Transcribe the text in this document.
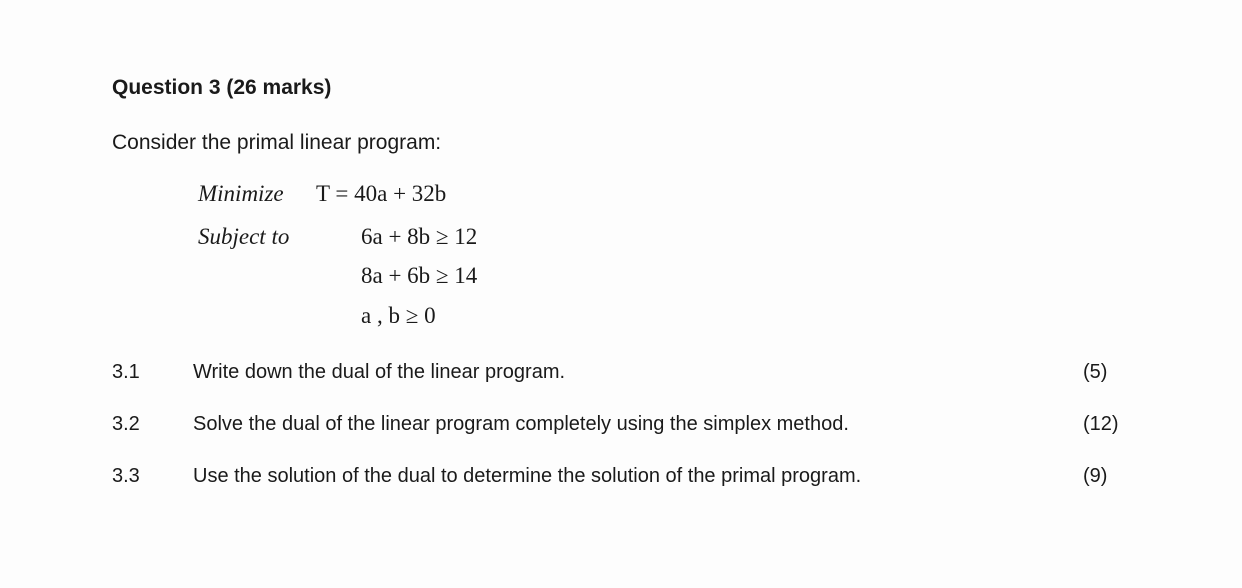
Question 3 (26 marks)
Consider the primal linear program:
Minimize T = 40a + 32b
Subject to	6a + 8b ≥ 12
8a + 6b ≥ 14
a , b ≥ 0
3.1	Write down the dual of the linear program.	(5)
3.2	Solve the dual of the linear program completely using the simplex method.	(12)
3.3	Use the solution of the dual to determine the solution of the primal program.	(9)
